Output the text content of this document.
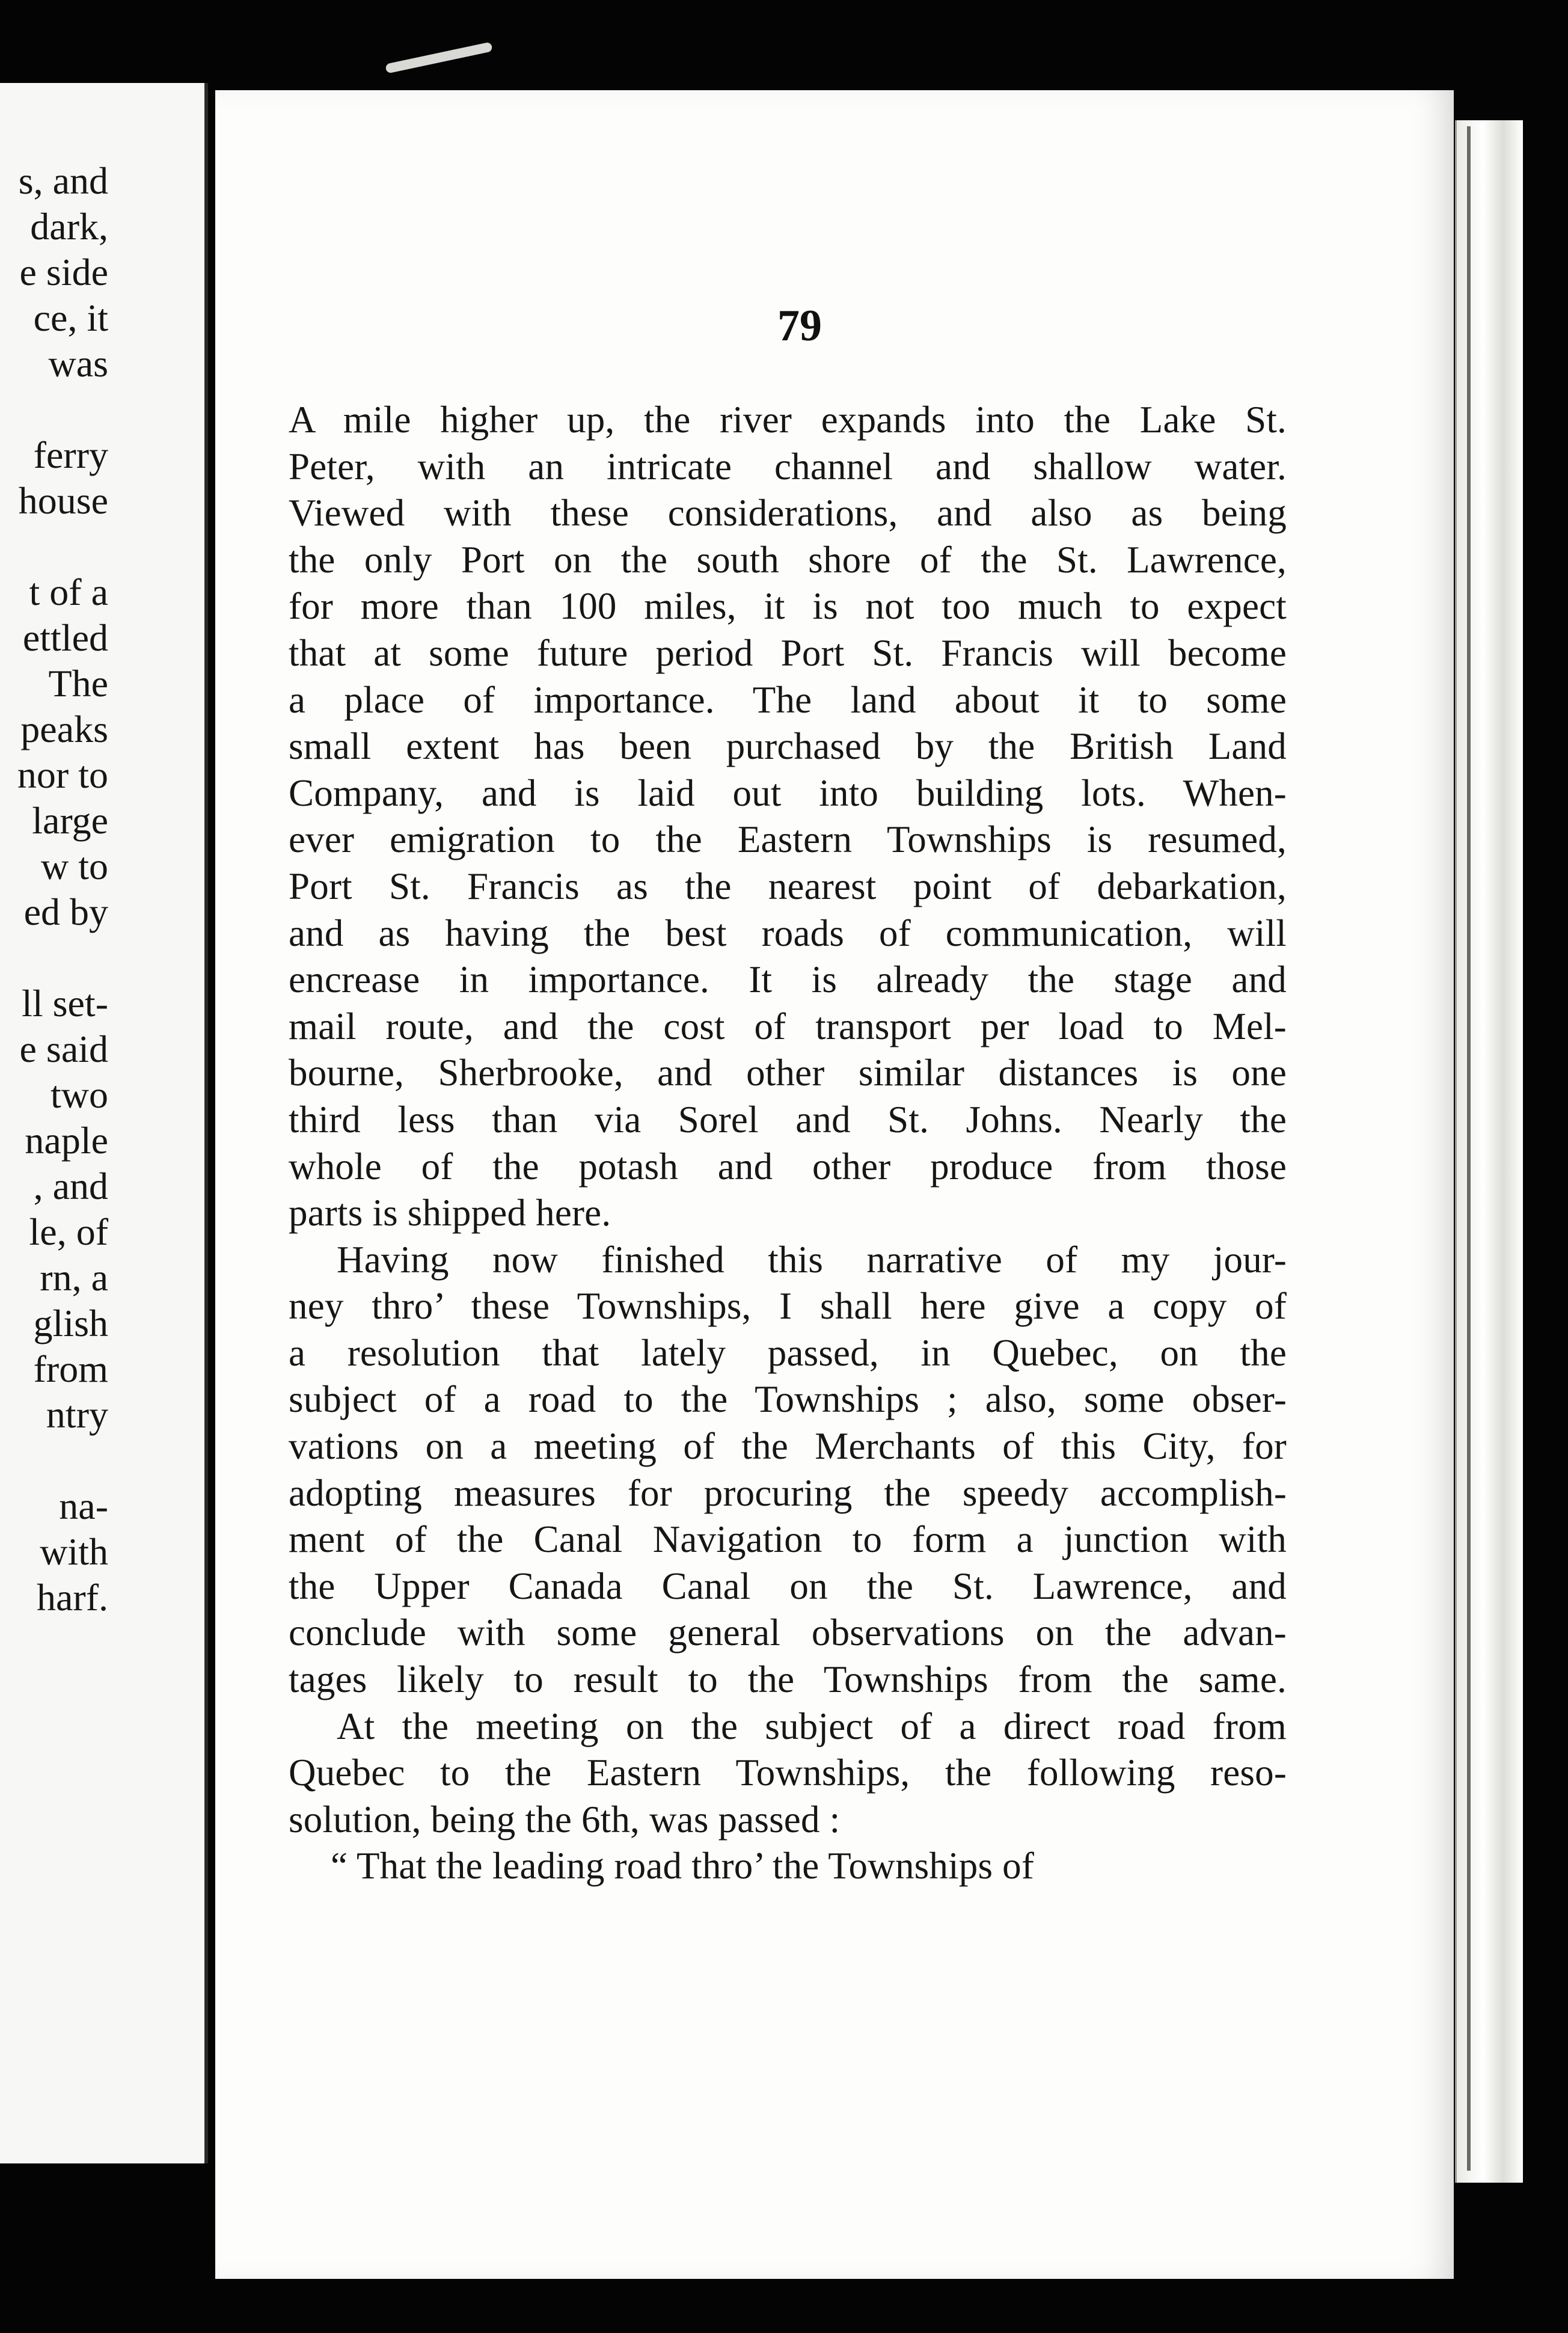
s, and
dark,
e side
ce, it
was
ferry
house
t of a
ettled
The
peaks
nor to
large
w to
ed by
ll set-
e said
two
naple
, and
le, of
rn, a
glish
from
ntry
na-
with
harf.
79
A mile higher up, the river expands into the Lake St.
Peter, with an intricate channel and shallow water.
Viewed with these considerations, and also as being
the only Port on the south shore of the St. Lawrence,
for more than 100 miles, it is not too much to expect
that at some future period Port St. Francis will become
a place of importance. The land about it to some
small extent has been purchased by the British Land
Company, and is laid out into building lots. When-
ever emigration to the Eastern Townships is resumed,
Port St. Francis as the nearest point of debarkation,
and as having the best roads of communication, will
encrease in importance. It is already the stage and
mail route, and the cost of transport per load to Mel-
bourne, Sherbrooke, and other similar distances is one
third less than via Sorel and St. Johns. Nearly the
whole of the potash and other produce from those
parts is shipped here.
Having now finished this narrative of my jour-
ney thro’ these Townships, I shall here give a copy of
a resolution that lately passed, in Quebec, on the
subject of a road to the Townships ; also, some obser-
vations on a meeting of the Merchants of this City, for
adopting measures for procuring the speedy accomplish-
ment of the Canal Navigation to form a junction with
the Upper Canada Canal on the St. Lawrence, and
conclude with some general observations on the advan-
tages likely to result to the Townships from the same.
At the meeting on the subject of a direct road from
Quebec to the Eastern Townships, the following reso-
solution, being the 6th, was passed :
“ That the leading road thro’ the Townships of
